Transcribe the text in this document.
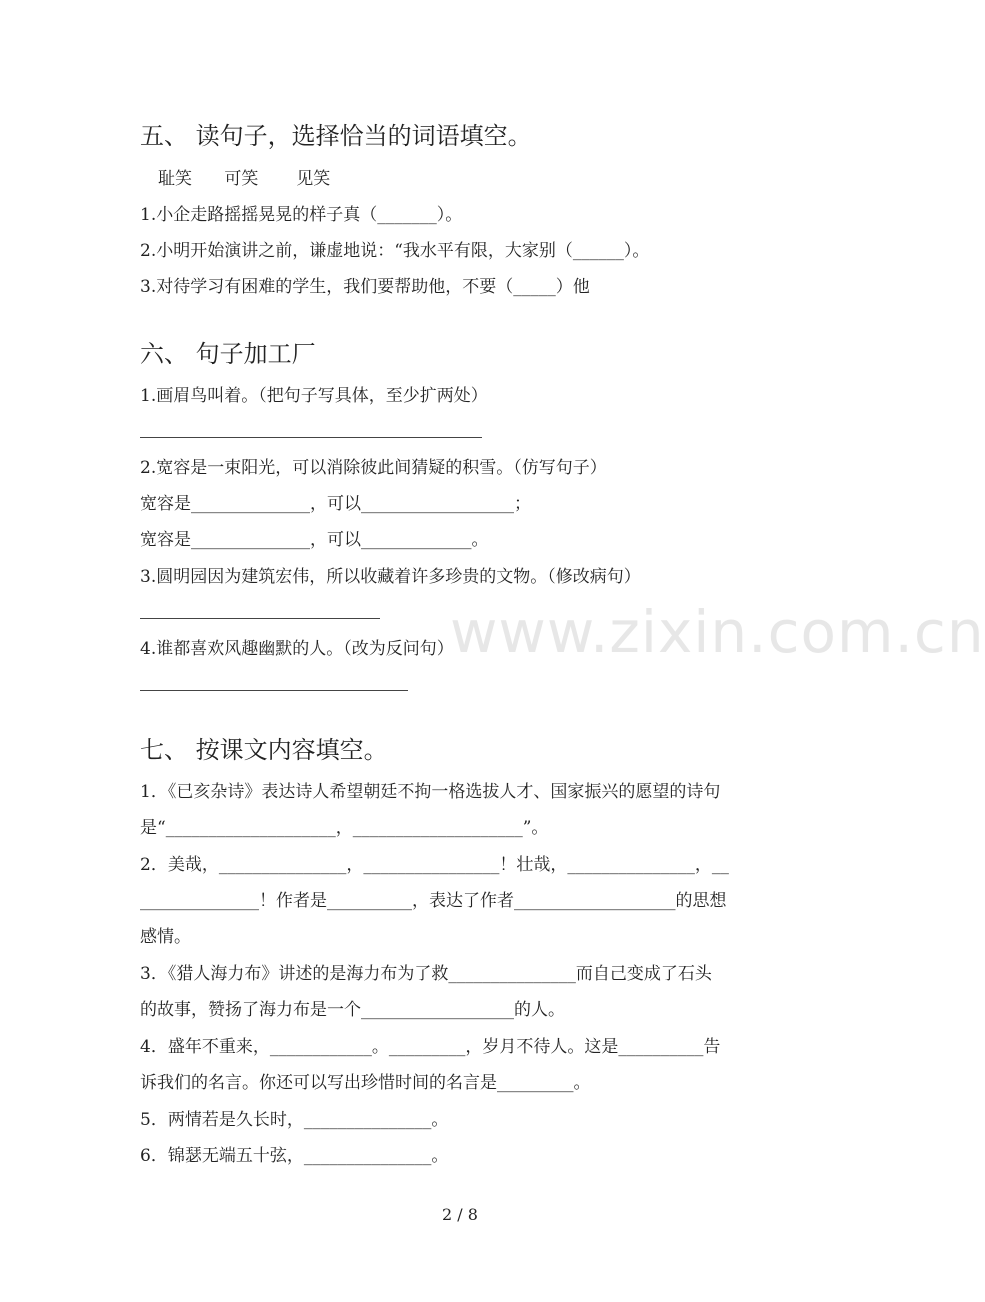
www.zixin.com.cn
五、 读句子，选择恰当的词语填空。
耻笑      可笑       见笑
1.小企走路摇摇晃晃的样子真（_______）。
2.小明开始演讲之前，谦虚地说：“我水平有限，大家别（______）。
3.对待学习有困难的学生，我们要帮助他，不要（_____）他
六、 句子加工厂
1.画眉鸟叫着。（把句子写具体，至少扩两处）
2.宽容是一束阳光，可以消除彼此间猜疑的积雪。（仿写句子）
宽容是______________，可以__________________；
宽容是______________，可以_____________。
3.圆明园因为建筑宏伟，所以收藏着许多珍贵的文物。（修改病句）
4.谁都喜欢风趣幽默的人。（改为反问句）
七、 按课文内容填空。
1．《已亥杂诗》表达诗人希望朝廷不拘一格选拔人才、国家振兴的愿望的诗句
是“____________________，____________________”。
2．美哉，_______________，________________！壮哉，_______________，__
______________！作者是__________，表达了作者___________________的思想
感情。
3．《猎人海力布》讲述的是海力布为了救_______________而自己变成了石头
的故事，赞扬了海力布是一个__________________的人。
4．盛年不重来，____________。_________，岁月不待人。这是__________告
诉我们的名言。你还可以写出珍惜时间的名言是_________。
5．两情若是久长时，_______________。
6．锦瑟无端五十弦，_______________。
2 / 8
